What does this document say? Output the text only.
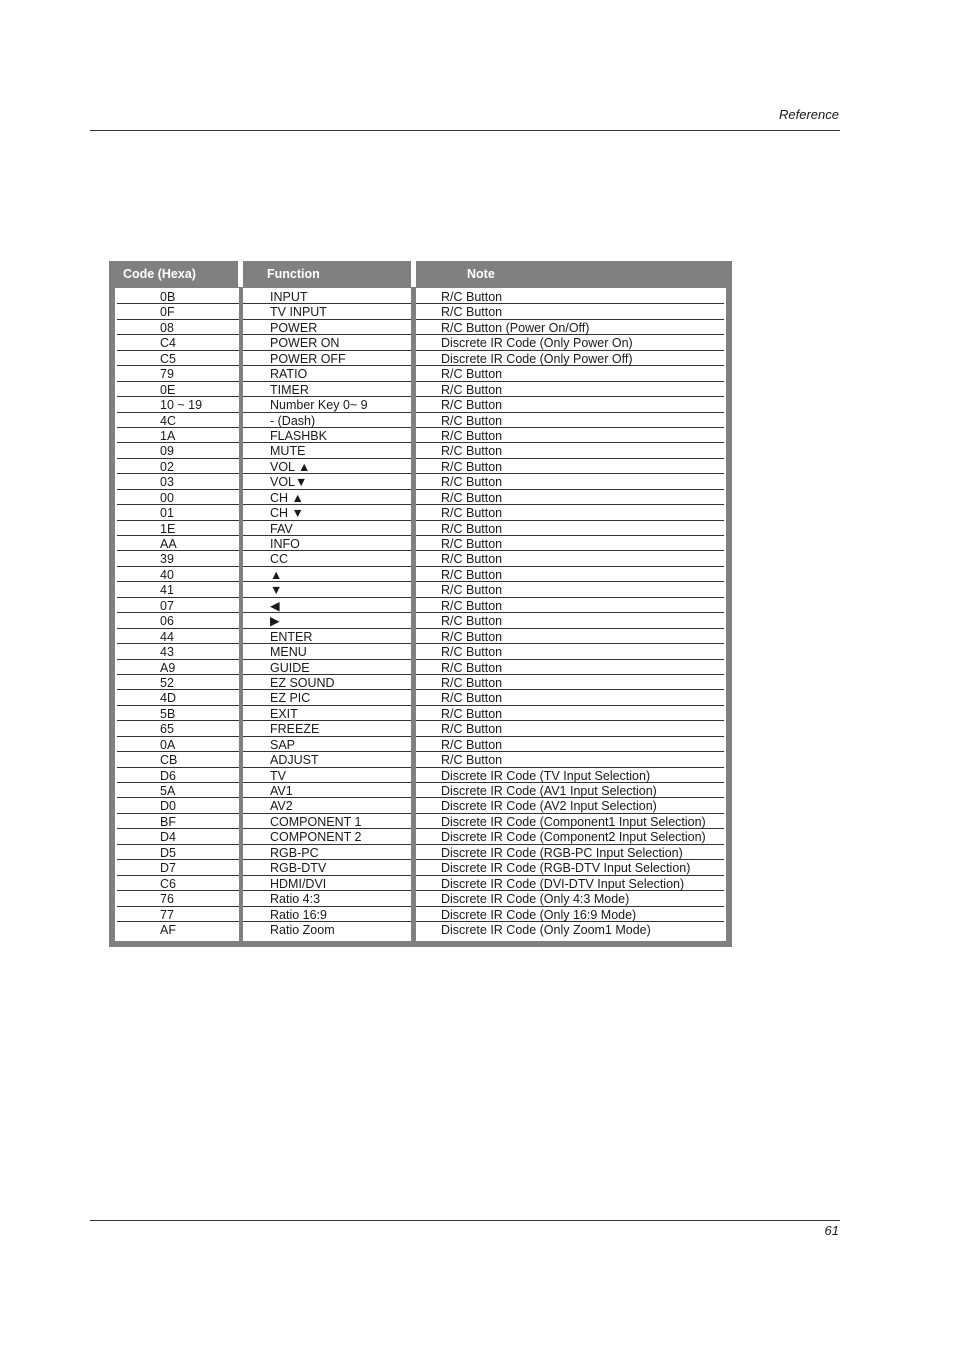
Reference
Code (Hexa)	Function	Note
0B	INPUT	R/C Button
0F	TV INPUT	R/C Button
08	POWER	R/C Button (Power On/Off)
C4	POWER ON	Discrete IR Code (Only Power On)
C5	POWER OFF	Discrete IR Code (Only Power Off)
79	RATIO	R/C Button
0E	TIMER	R/C Button
10 ~ 19	Number Key 0~ 9	R/C Button
4C	- (Dash)	R/C Button
1A	FLASHBK	R/C Button
09	MUTE	R/C Button
02	VOL ▲	R/C Button
03	VOL▼	R/C Button
00	CH ▲	R/C Button
01	CH ▼	R/C Button
1E	FAV	R/C Button
AA	INFO	R/C Button
39	CC	R/C Button
40	▲	R/C Button
41	▼	R/C Button
07	◀	R/C Button
06	▶	R/C Button
44	ENTER	R/C Button
43	MENU	R/C Button
A9	GUIDE	R/C Button
52	EZ SOUND	R/C Button
4D	EZ PIC	R/C Button
5B	EXIT	R/C Button
65	FREEZE	R/C Button
0A	SAP	R/C Button
CB	ADJUST	R/C Button
D6	TV	Discrete IR Code (TV Input Selection)
5A	AV1	Discrete IR Code (AV1 Input Selection)
D0	AV2	Discrete IR Code (AV2 Input Selection)
BF	COMPONENT 1	Discrete IR Code (Component1 Input Selection)
D4	COMPONENT 2	Discrete IR Code (Component2 Input Selection)
D5	RGB-PC	Discrete IR Code (RGB-PC Input Selection)
D7	RGB-DTV	Discrete IR Code (RGB-DTV Input Selection)
C6	HDMI/DVI	Discrete IR Code (DVI-DTV Input Selection)
76	Ratio 4:3	Discrete IR Code (Only 4:3 Mode)
77	Ratio 16:9	Discrete IR Code (Only 16:9 Mode)
AF	Ratio Zoom	Discrete IR Code (Only Zoom1 Mode)
61
